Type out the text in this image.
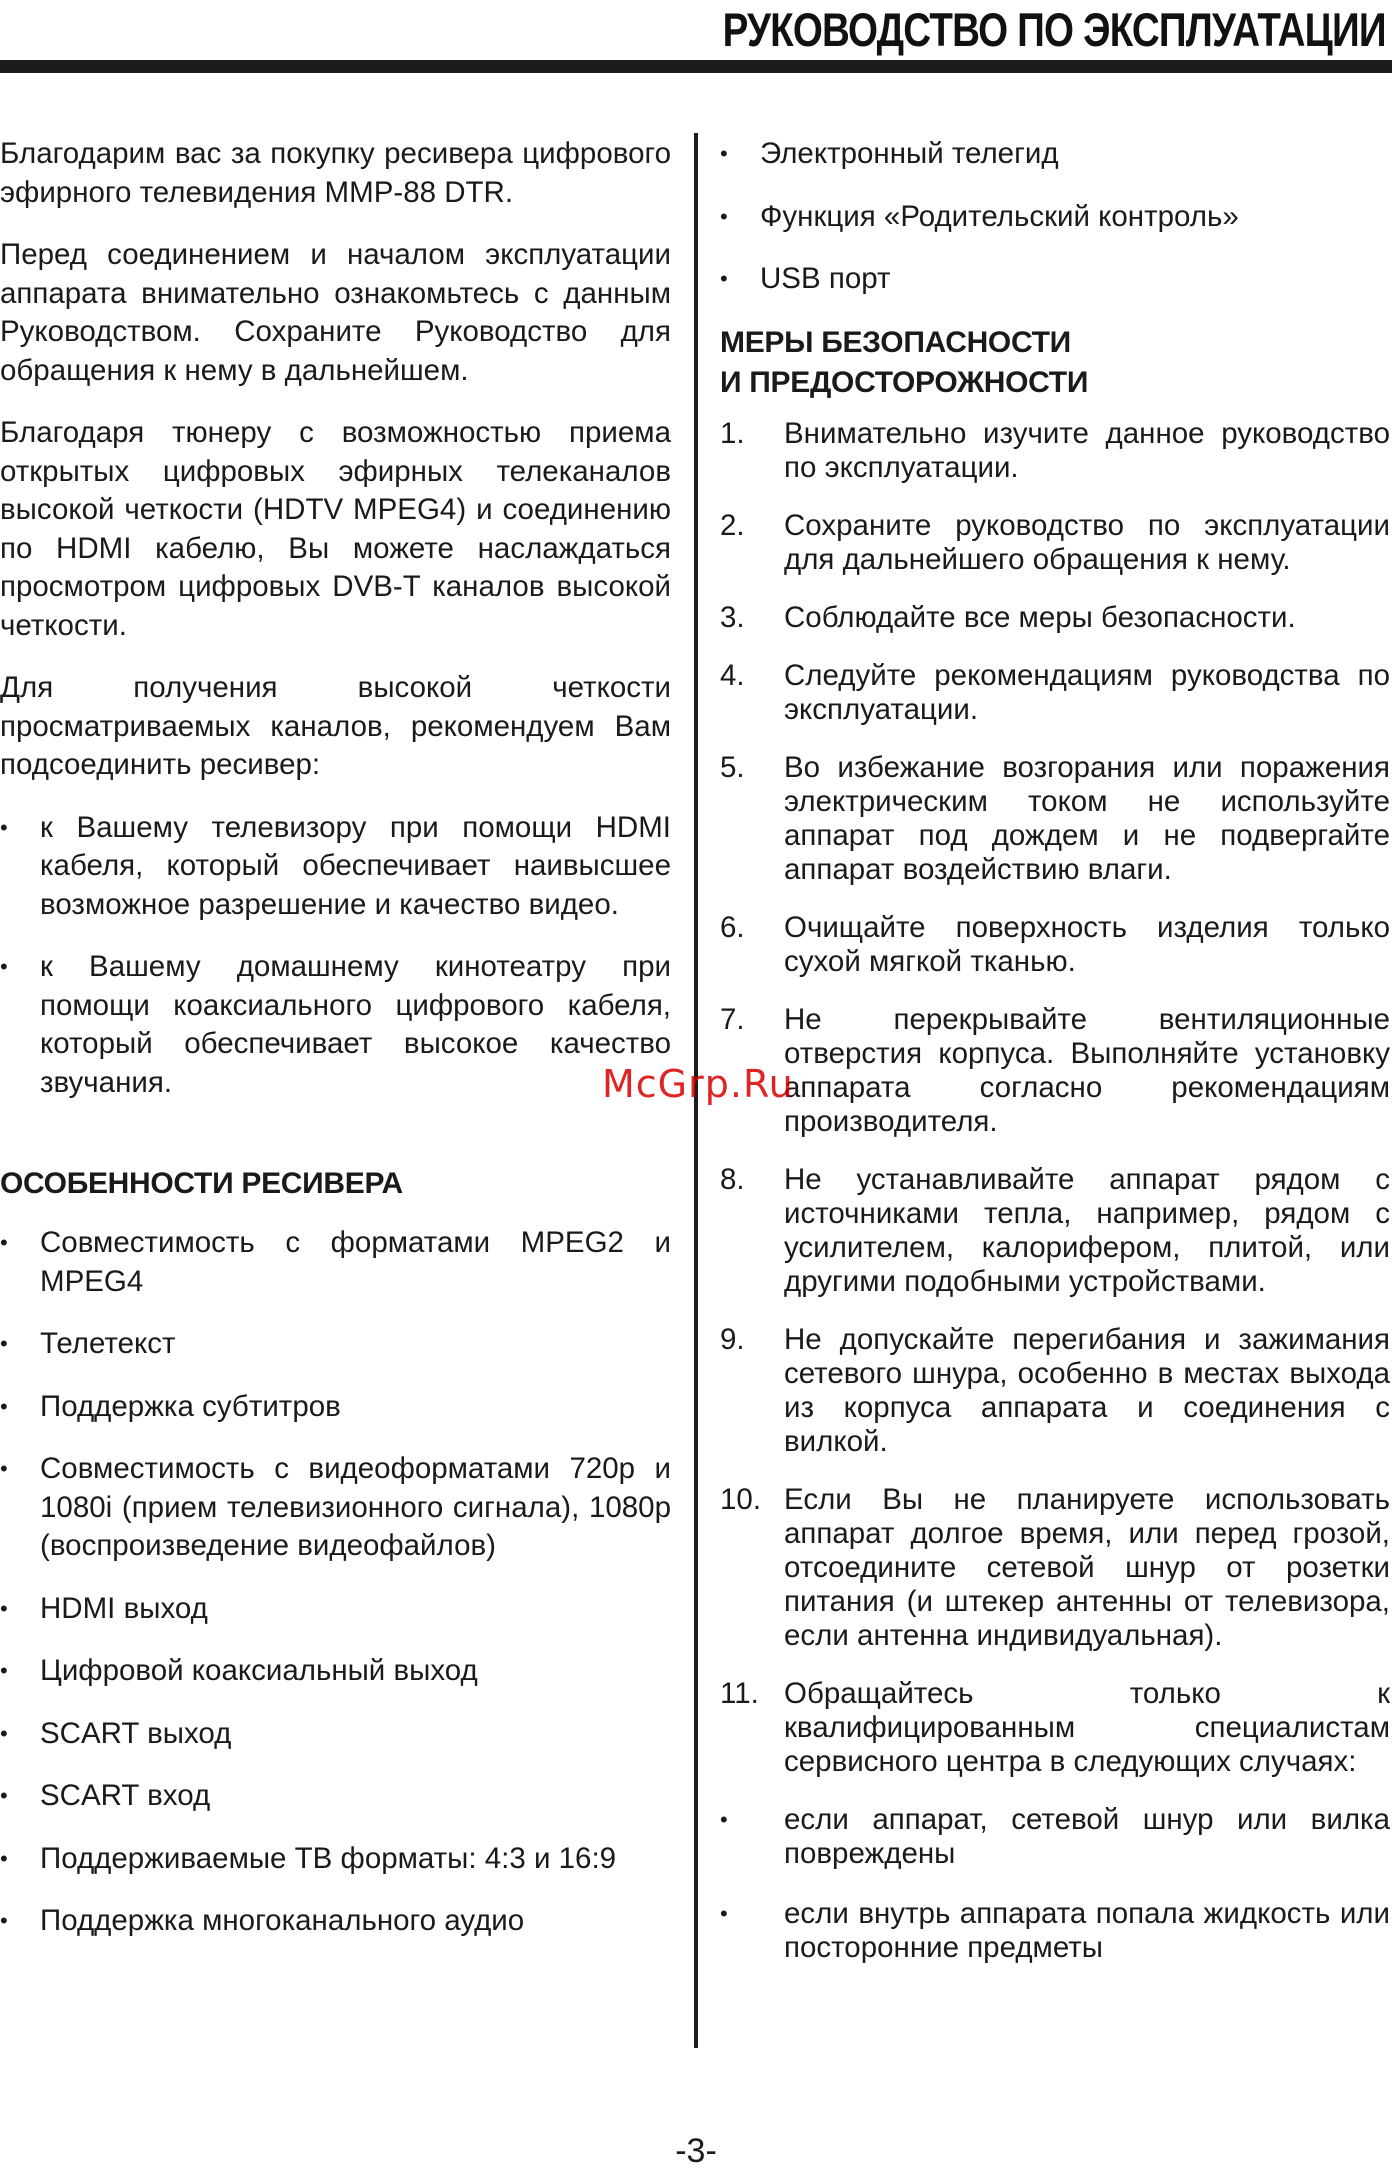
РУКОВОДСТВО ПО ЭКСПЛУАТАЦИИ

Благодарим вас за покупку ресивера цифрового эфирного телевидения MMP-88 DTR.

Перед соединением и началом эксплуатации аппарата внимательно ознакомьтесь с данным Руководством. Сохраните Руководство для обращения к нему в дальнейшем.

Благодаря тюнеру с возможностью приема открытых цифровых эфирных телеканалов высокой четкости (HDTV MPEG4) и соединению по HDMI кабелю, Вы можете наслаждаться просмотром цифровых DVB-T каналов высокой четкости.

Для получения высокой четкости просматриваемых каналов, рекомендуем Вам подсоединить ресивер:

• к Вашему телевизору при помощи HDMI кабеля, который обеспечивает наивысшее возможное разрешение и качество видео.
• к Вашему домашнему кинотеатру при помощи коаксиального цифрового кабеля, который обеспечивает высокое качество звучания.
ОСОБЕННОСТИ РЕСИВЕРА
• Совместимость с форматами MPEG2 и MPEG4
• Телетекст
• Поддержка субтитров
• Совместимость с видеоформатами 720p и 1080i (прием телевизионного сигнала), 1080p (воспроизведение видеофайлов)
• HDMI выход
• Цифровой коаксиальный выход
• SCART выход
• SCART вход
• Поддерживаемые ТВ форматы: 4:3 и 16:9
• Поддержка многоканального аудио
• Электронный телегид
• Функция «Родительский контроль»
• USB порт
МЕРЫ БЕЗОПАСНОСТИ
И ПРЕДОСТОРОЖНОСТИ
1. Внимательно изучите данное руководство по эксплуатации.
2. Сохраните руководство по эксплуатации для дальнейшего обращения к нему.
3. Соблюдайте все меры безопасности.
4. Следуйте рекомендациям руководства по эксплуатации.
5. Во избежание возгорания или поражения электрическим током не используйте аппарат под дождем и не подвергайте аппарат воздействию влаги.
6. Очищайте поверхность изделия только сухой мягкой тканью.
7. Не перекрывайте вентиляционные отверстия корпуса. Выполняйте установку аппарата согласно рекомендациям производителя.
8. Не устанавливайте аппарат рядом с источниками тепла, например, рядом с усилителем, калорифером, плитой, или другими подобными устройствами.
9. Не допускайте перегибания и зажимания сетевого шнура, особенно в местах выхода из корпуса аппарата и соединения с вилкой.
10. Если Вы не планируете использовать аппарат долгое время, или перед грозой, отсоедините сетевой шнур от розетки питания (и штекер антенны от телевизора, если антенна индивидуальная).
11. Обращайтесь только к квалифицированным специалистам сервисного центра в следующих случаях:
• если аппарат, сетевой шнур или вилка повреждены
• если внутрь аппарата попала жидкость или посторонние предметы
McGrp.Ru
-3-
